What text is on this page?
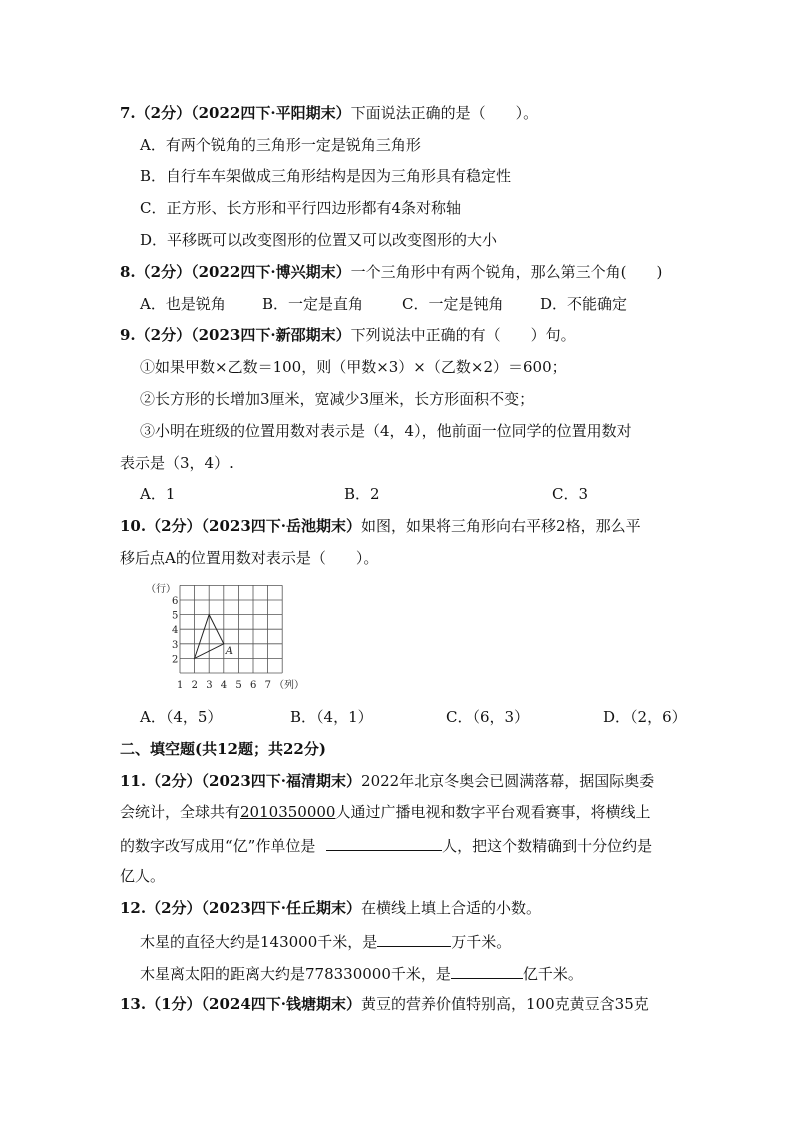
7.（2分）（2022四下·平阳期末）下面说法正确的是（　　）。
A．有两个锐角的三角形一定是锐角三角形
B．自行车车架做成三角形结构是因为三角形具有稳定性
C．正方形、长方形和平行四边形都有4条对称轴
D．平移既可以改变图形的位置又可以改变图形的大小
8.（2分）（2022四下·博兴期末）一个三角形中有两个锐角，那么第三个角(　　)
A．也是锐角 B．一定是直角	C．一定是钝角 D．不能确定
9.（2分）（2023四下·新邵期末）下列说法中正确的有（　　）句。
①如果甲数×乙数＝100，则（甲数×3）×（乙数×2）＝600；
②长方形的长增加3厘米，宽减少3厘米，长方形面积不变；
③小明在班级的位置用数对表示是（4，4），他前面一位同学的位置用数对
表示是（3，4）.
A．1	B．2	C．3
10.（2分）（2023四下·岳池期末）如图，如果将三角形向右平移2格，那么平
移后点A的位置用数对表示是（　　）。
（行）
6
5
4
3
2
1 2 3 4 5 6 7 （列）
A
A．（4，5）	B．（4，1）	C．（6，3）	D．（2，6）
二、填空题(共12题；共22分)
11.（2分）（2023四下·福清期末）2022年北京冬奥会已圆满落幕，据国际奥委
会统计，全球共有2010350000人通过广播电视和数字平台观看赛事，将横线上
的数字改写成用“亿”作单位是	人，把这个数精确到十分位约是
亿人。
12.（2分）（2023四下·任丘期末）在横线上填上合适的小数。
木星的直径大约是143000千米，是	万千米。
木星离太阳的距离大约是778330000千米，是	亿千米。
13.（1分）（2024四下·钱塘期末）黄豆的营养价值特别高，100克黄豆含35克
